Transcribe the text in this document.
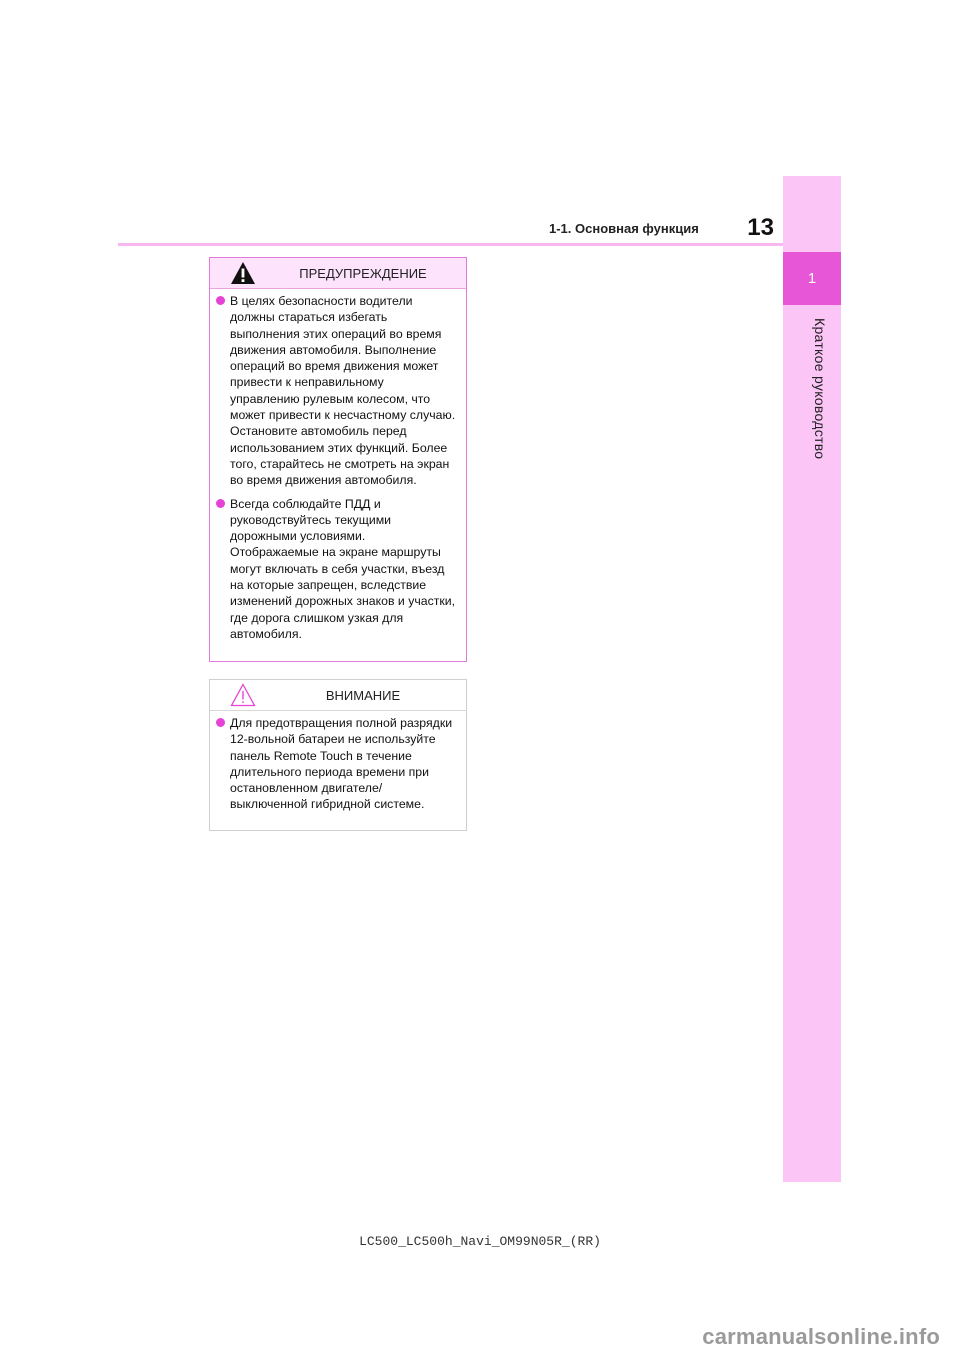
1
Краткое руководство
13
1-1. Основная функция
ПРЕДУПРЕЖДЕНИЕ
В целях безопасности водители должны стараться избегать выполнения этих операций во время движения автомобиля. Выполнение операций во время движения может привести к неправильному управлению рулевым колесом, что может привести к несчастному случаю. Остановите автомобиль перед использованием этих функций. Более того, старайтесь не смотреть на экран во время движения автомобиля.
Всегда соблюдайте ПДД и руководствуйтесь текущими дорожными условиями. Отображаемые на экране маршруты могут включать в себя участки, въезд на которые запрещен, вследствие изменений дорожных знаков и участки, где дорога слишком узкая для автомобиля.
ВНИМАНИЕ
Для предотвращения полной разрядки 12-вольной батареи не используйте панель Remote Touch в течение длительного периода времени при остановленном двигателе/выключенной гибридной системе.
LC500_LC500h_Navi_OM99N05R_(RR)
carmanualsonline.info
